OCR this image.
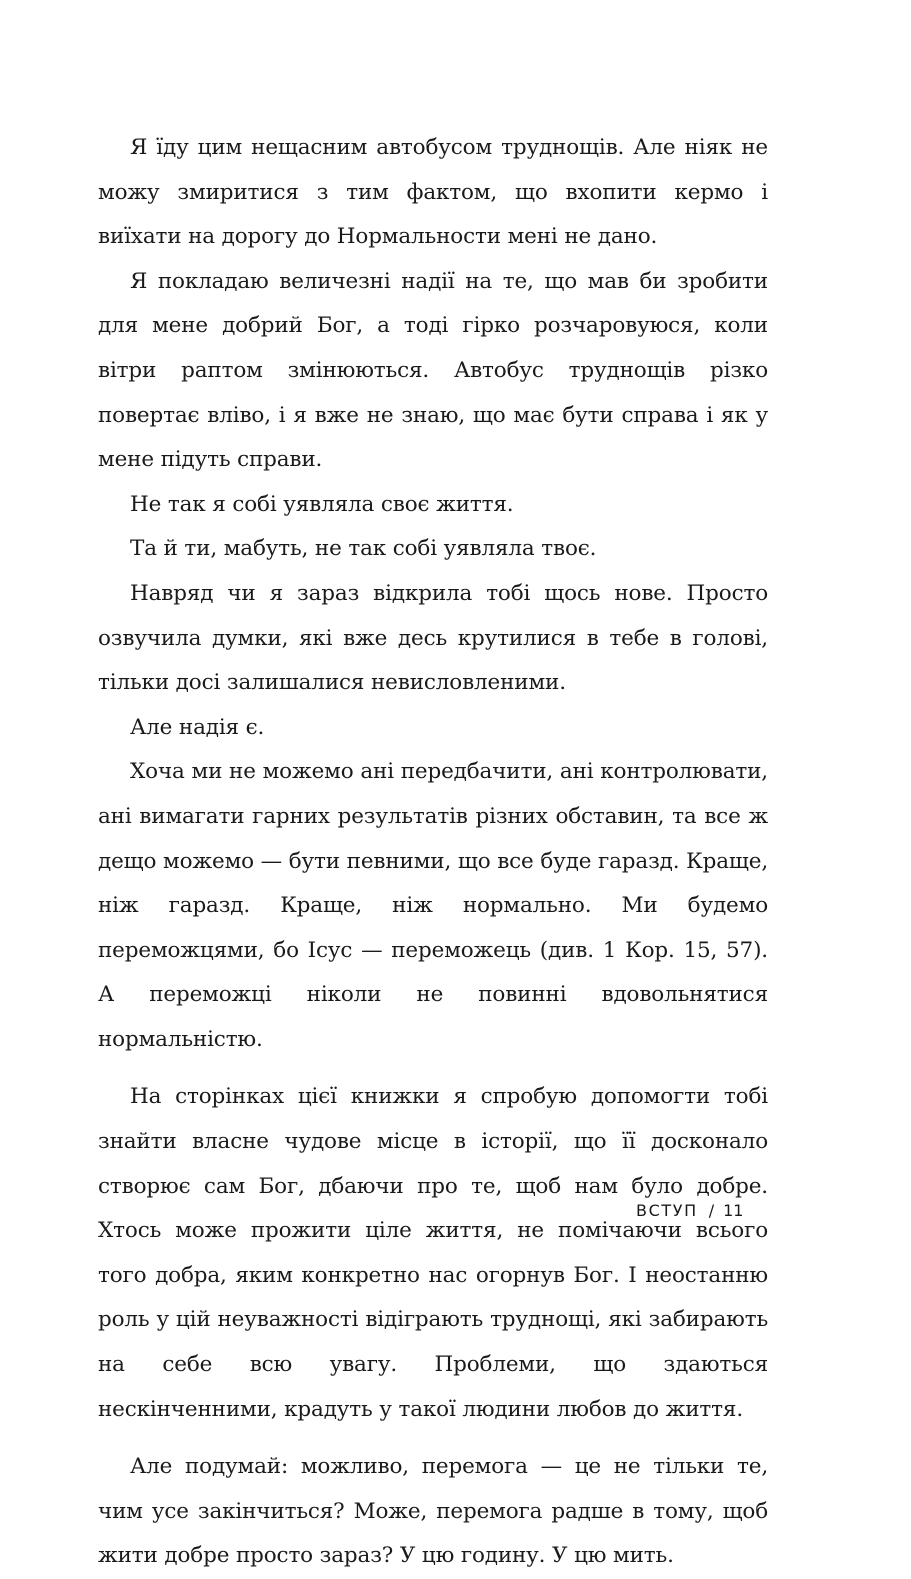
Я їду цим нещасним автобусом труднощів. Але ніяк не можу змиритися з тим фактом, що вхопити кермо і виїхати на дорогу до Нормальности мені не дано.

Я покладаю величезні надії на те, що мав би зробити для мене добрий Бог, а тоді гірко розчаровуюся, коли вітри раптом змінюються. Автобус труднощів різко повертає вліво, і я вже не знаю, що має бути справа і як у мене підуть справи.

Не так я собі уявляла своє життя.

Та й ти, мабуть, не так собі уявляла твоє.

Навряд чи я зараз відкрила тобі щось нове. Просто озвучила думки, які вже десь крутилися в тебе в голові, тільки досі залишалися невисловленими.

Але надія є.

Хоча ми не можемо ані передбачити, ані контролювати, ані вимагати гарних результатів різних обставин, та все ж дещо можемо — бути певними, що все буде гаразд. Краще, ніж гаразд. Краще, ніж нормально. Ми будемо переможцями, бо Ісус — переможець (див. 1 Кор. 15, 57). А переможці ніколи не повинні вдовольнятися нормальністю.

На сторінках цієї книжки я спробую допомогти тобі знайти власне чудове місце в історії, що її досконало створює сам Бог, дбаючи про те, щоб нам було добре. Хтось може прожити ціле життя, не помічаючи всього того добра, яким конкретно нас огорнув Бог. І неостанню роль у цій неуважності відіграють труднощі, які забирають на себе всю увагу. Проблеми, що здаються нескінченними, крадуть у такої людини любов до життя.

Але подумай: можливо, перемога — це не тільки те, чим усе закінчиться? Може, перемога радше в тому, щоб жити добре просто зараз? У цю годину. У цю мить.

ВСТУП / 11
